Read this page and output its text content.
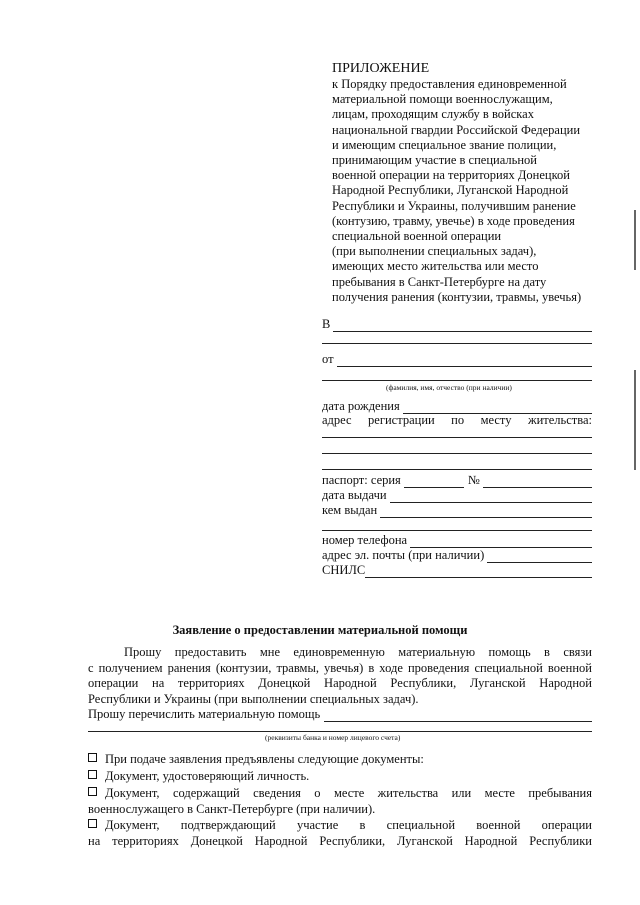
ПРИЛОЖЕНИЕ
к Порядку предоставления единовременной
материальной помощи военнослужащим,
лицам, проходящим службу в войсках
национальной гвардии Российской Федерации
и имеющим специальное звание полиции,
принимающим участие в специальной
военной операции на территориях Донецкой
Народной Республики, Луганской Народной
Республики и Украины, получившим ранение
(контузию, травму, увечье) в ходе проведения
специальной военной операции
(при выполнении специальных задач),
имеющих место жительства или место
пребывания в Санкт-Петербурге на дату
получения ранения (контузии, травмы, увечья)
В
от
(фамилия, имя, отчество (при наличии)
дата рождения
адрес регистрации по месту жительства:
паспорт: серия	№
дата выдачи
кем выдан
номер телефона
адрес эл. почты (при наличии)
СНИЛС
Заявление о предоставлении материальной помощи
Прошу предоставить мне единовременную материальную помощь в связи
с получением ранения (контузии, травмы, увечья) в ходе проведения специальной военной
операции на территориях Донецкой Народной Республики, Луганской Народной
Республики и Украины (при выполнении специальных задач).
Прошу перечислить материальную помощь
(реквизиты банка и номер лицевого счета)
При подаче заявления предъявлены следующие документы:
Документ, удостоверяющий личность.
Документ, содержащий сведения о месте жительства или месте пребывания
военнослужащего в Санкт-Петербурге (при наличии).
Документ, подтверждающий участие в специальной военной операции
на территориях Донецкой Народной Республики, Луганской Народной Республики
